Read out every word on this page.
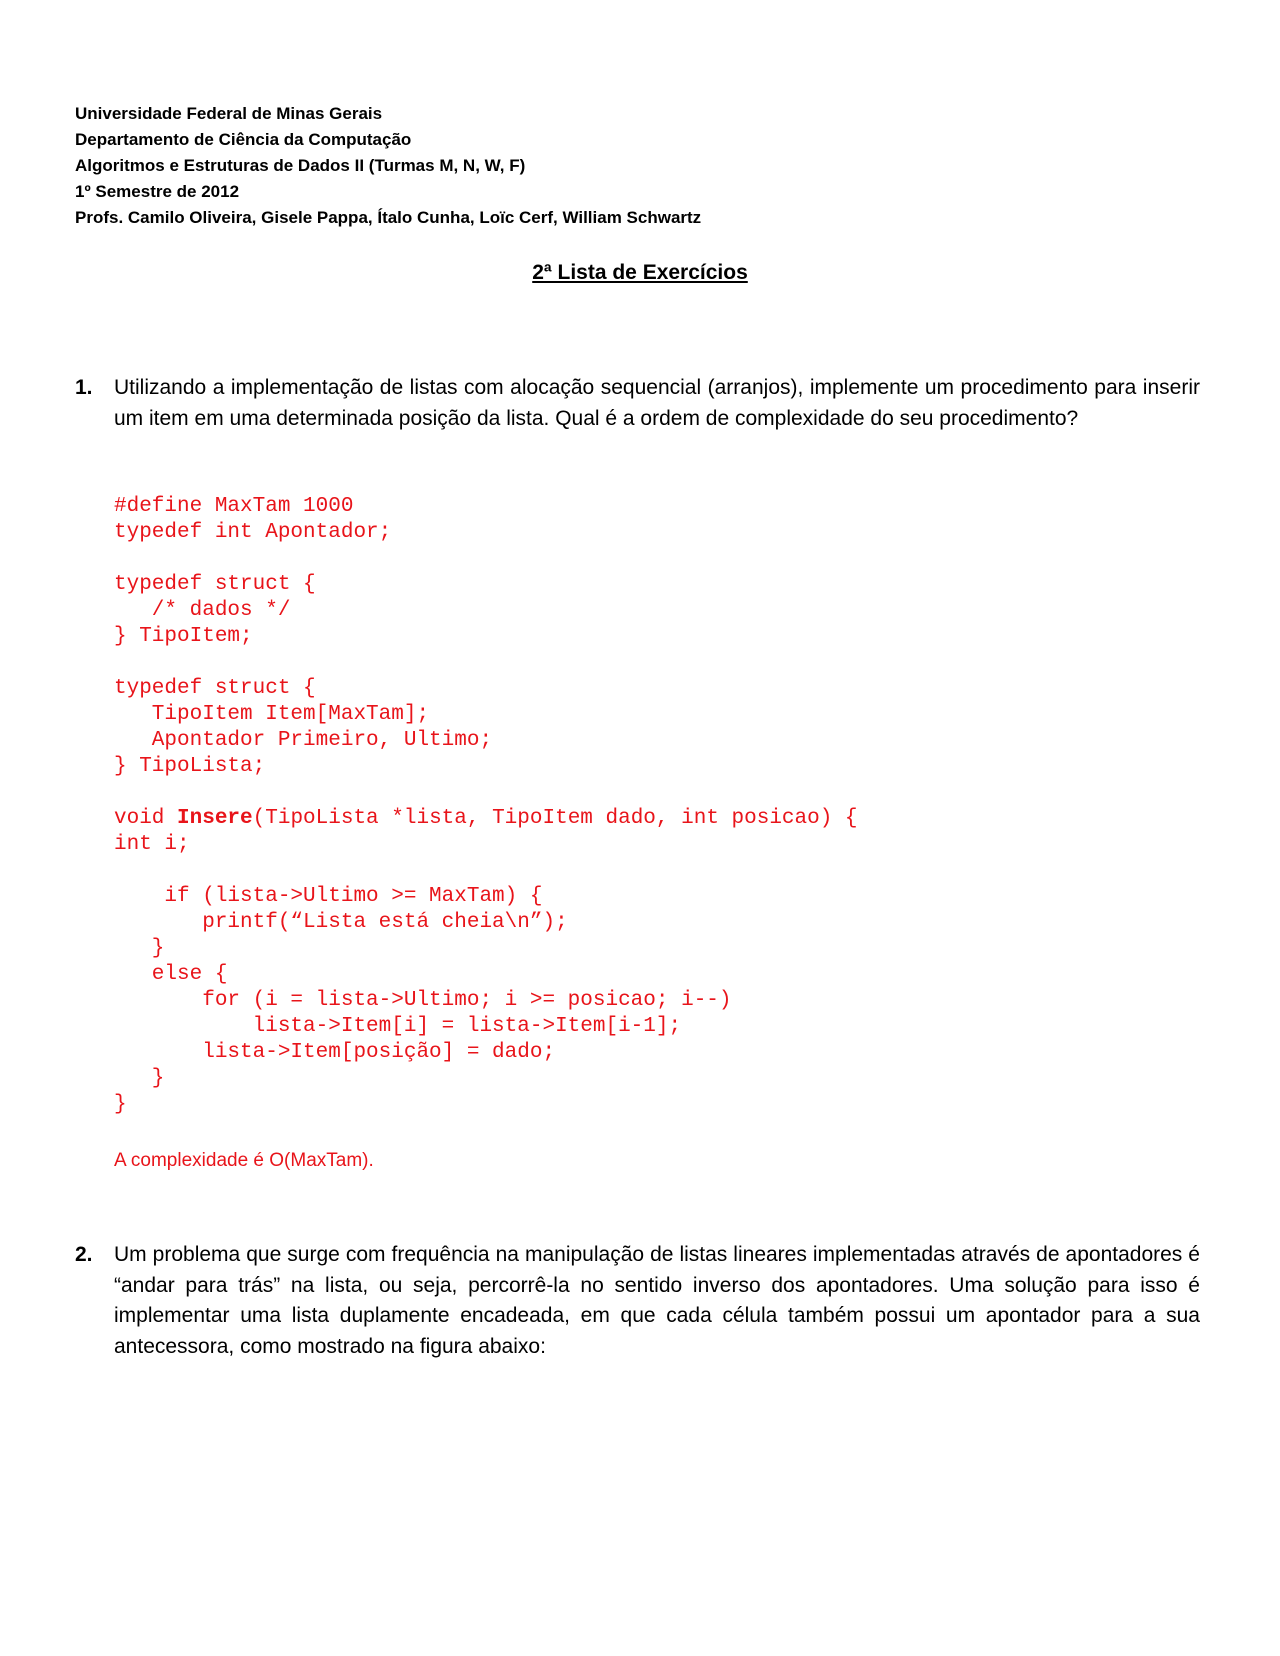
Universidade Federal de Minas Gerais
Departamento de Ciência da Computação
Algoritmos e Estruturas de Dados II (Turmas M, N, W, F)
1º Semestre de 2012
Profs. Camilo Oliveira, Gisele Pappa, Ítalo Cunha, Loïc Cerf, William Schwartz
2ª Lista de Exercícios
1. Utilizando a implementação de listas com alocação sequencial (arranjos), implemente um procedimento para inserir um item em uma determinada posição da lista. Qual é a ordem de complexidade do seu procedimento?
#define MaxTam 1000
typedef int Apontador;

typedef struct {
/* dados */
} TipoItem;

typedef struct {
TipoItem Item[MaxTam];
Apontador Primeiro, Ultimo;
} TipoLista;

void Insere(TipoLista *lista, TipoItem dado, int posicao) {
int i;

if (lista->Ultimo >= MaxTam) {
printf(“Lista está cheia\n”);
}
else {
for (i = lista->Ultimo; i >= posicao; i--)
lista->Item[i] = lista->Item[i-1];
lista->Item[posição] = dado;
}
}
A complexidade é O(MaxTam).
2. Um problema que surge com frequência na manipulação de listas lineares implementadas através de apontadores é “andar para trás” na lista, ou seja, percorrê-la no sentido inverso dos apontadores. Uma solução para isso é implementar uma lista duplamente encadeada, em que cada célula também possui um apontador para a sua antecessora, como mostrado na figura abaixo:
